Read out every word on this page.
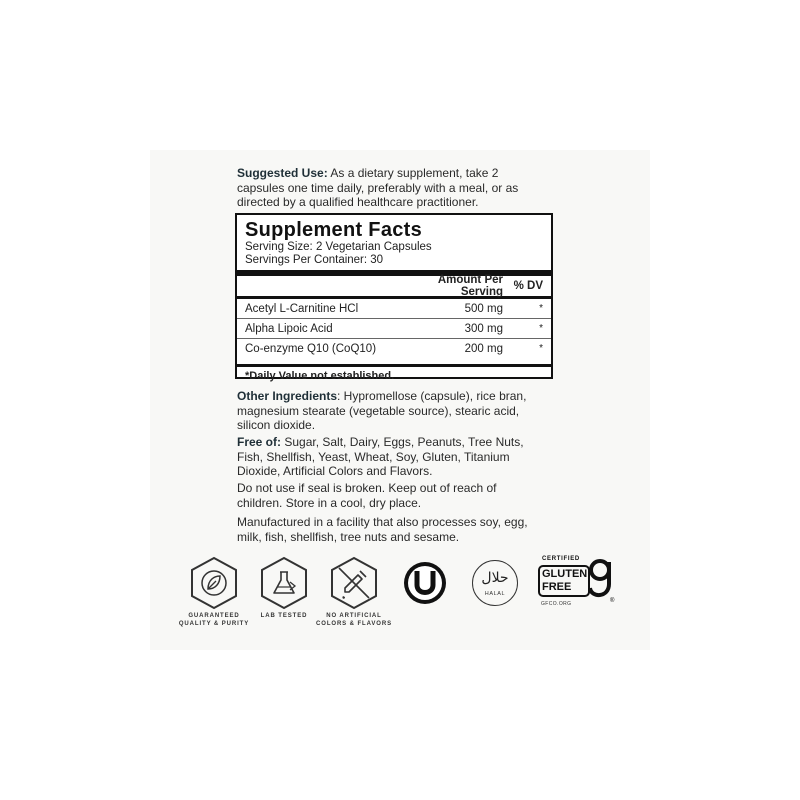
Suggested Use: As a dietary supplement, take 2 capsules one time daily, preferably with a meal, or as directed by a qualified healthcare practitioner.
Supplement Facts
Serving Size: 2 Vegetarian Capsules
Servings Per Container: 30
Amount Per Serving % DV
Acetyl L-Carnitine HCl	500 mg	*
Alpha Lipoic Acid	300 mg	*
Co-enzyme Q10 (CoQ10)	200 mg	*
*Daily Value not established.
Other Ingredients: Hypromellose (capsule), rice bran, magnesium stearate (vegetable source), stearic acid, silicon dioxide.
Free of: Sugar, Salt, Dairy, Eggs, Peanuts, Tree Nuts, Fish, Shellfish, Yeast, Wheat, Soy, Gluten, Titanium Dioxide, Artificial Colors and Flavors.
Do not use if seal is broken. Keep out of reach of children. Store in a cool, dry place.
Manufactured in a facility that also processes soy, egg, milk, fish, shellfish, tree nuts and sesame.
GUARANTEED QUALITY & PURITY
LAB TESTED	NO ARTIFICIAL COLORS & FLAVORS
حلال
HALAL
CERTIFIED
GLUTEN
FREE
®
GFCO.ORG
